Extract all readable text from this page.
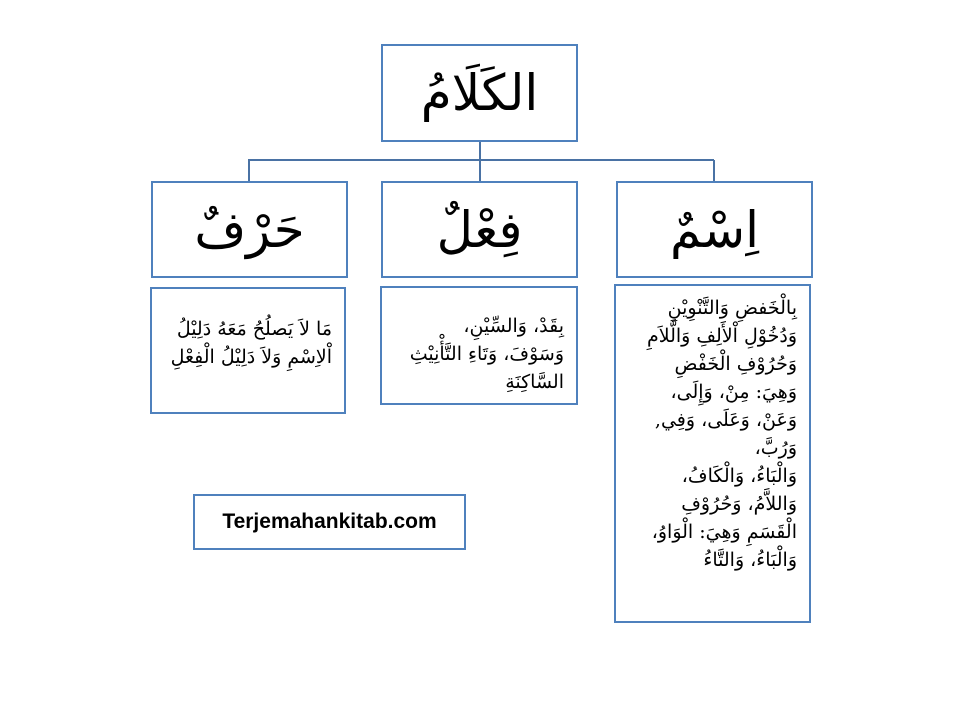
الكَلَامُ
اِسْمٌ
فِعْلٌ
حَرْفٌ
بِالْخَفضِ وَالتَّنْوِيْنِ
وَدُخُوْلِ اْلأَلِفِ وَالَّلاَمِ
وَحُرُوْفِ الْخَفْضِ
وَهِيَ: مِنْ، وَإِلَى،
وَعَنْ، وَعَلَى، وَفِي,
وَرُبَّ،
وَالْبَاءُ، وَالْكَافُ،
وَاللاَّمُ، وَحُرُوْفِ
الْقَسَمِ وَهِيَ: الْوَاوُ،
وَالْبَاءُ، وَالتَّاءُ
بِقَدْ، وَالسِّيْنِ،
وَسَوْفَ، وَتَاءِ التَّأْنِيْثِ
السَّاكِنَةِ
مَا لاَ يَصلُحُ مَعَهُ دَلِيْلُ
اْلاِسْمِ وَلاَ دَلِيْلُ الْفِعْلِ
Terjemahankitab.com
